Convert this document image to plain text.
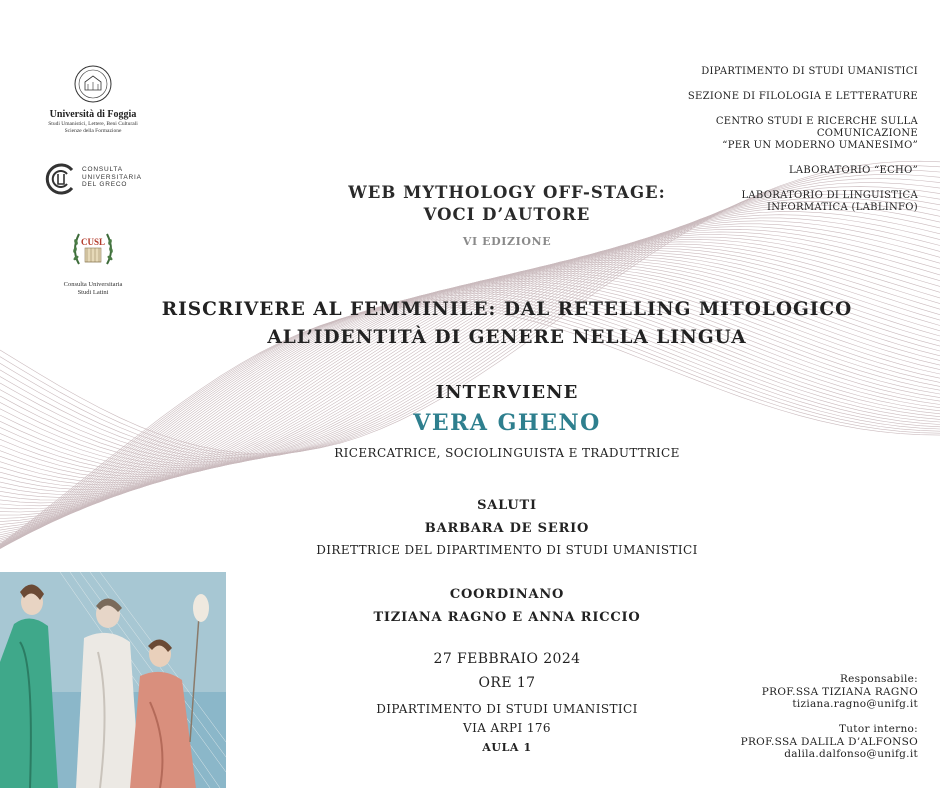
Università di Foggia
Studi Umanistici, Lettere, Beni Culturali
Scienze della Formazione
CONSULTA
UNIVERSITARIA
DEL GRECO
CUSL
Consulta Universitaria
Studi Latini
DIPARTIMENTO DI STUDI UMANISTICI
SEZIONE DI FILOLOGIA E LETTERATURE
CENTRO STUDI E RICERCHE SULLA
COMUNICAZIONE
“PER UN MODERNO UMANESIMO”
LABORATORIO “ECHO”
LABORATORIO DI LINGUISTICA
INFORMATICA (LABLINFO)
WEB MYTHOLOGY OFF-STAGE:
VOCI D’AUTORE
VI EDIZIONE
RISCRIVERE AL FEMMINILE: DAL RETELLING MITOLOGICO
ALL’IDENTITÀ DI GENERE NELLA LINGUA
INTERVIENE
VERA GHENO
RICERCATRICE, SOCIOLINGUISTA E TRADUTTRICE
SALUTI
BARBARA DE SERIO
DIRETTRICE DEL DIPARTIMENTO DI STUDI UMANISTICI
COORDINANO
TIZIANA RAGNO E ANNA RICCIO
27 FEBBRAIO 2024
ORE 17
DIPARTIMENTO DI STUDI UMANISTICI
VIA ARPI 176
AULA 1
Responsabile:
PROF.SSA TIZIANA RAGNO
tiziana.ragno@unifg.it
Tutor interno:
PROF.SSA DALILA D’ALFONSO
dalila.dalfonso@unifg.it
